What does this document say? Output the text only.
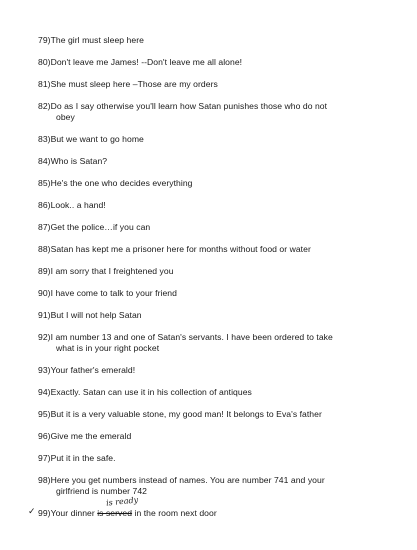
79)The girl must sleep here
80)Don't leave me James! --Don't leave me all alone!
81)She must sleep here –Those are my orders
82)Do as I say otherwise you'll learn how Satan punishes those who do not
obey
83)But we want to go home
84)Who is Satan?
85)He's the one who decides everything
86)Look.. a hand!
87)Get the police…if you can
88)Satan has kept me a prisoner here for months without food or water
89)I am sorry that I freightened you
90)I have come to talk to your friend
91)But I will not help Satan
92)I am number 13 and one of Satan's servants. I have been ordered to take
what is in your right pocket
93)Your father's emerald!
94)Exactly. Satan can use it in his collection of antiques
95)But it is a very valuable stone, my good man! It belongs to Eva's father
96)Give me the emerald
97)Put it in the safe.
98)Here you get numbers instead of names. You are number 741 and your
girlfriend is number 742
✓ 99)Your dinner is served in the room next door
is ready
